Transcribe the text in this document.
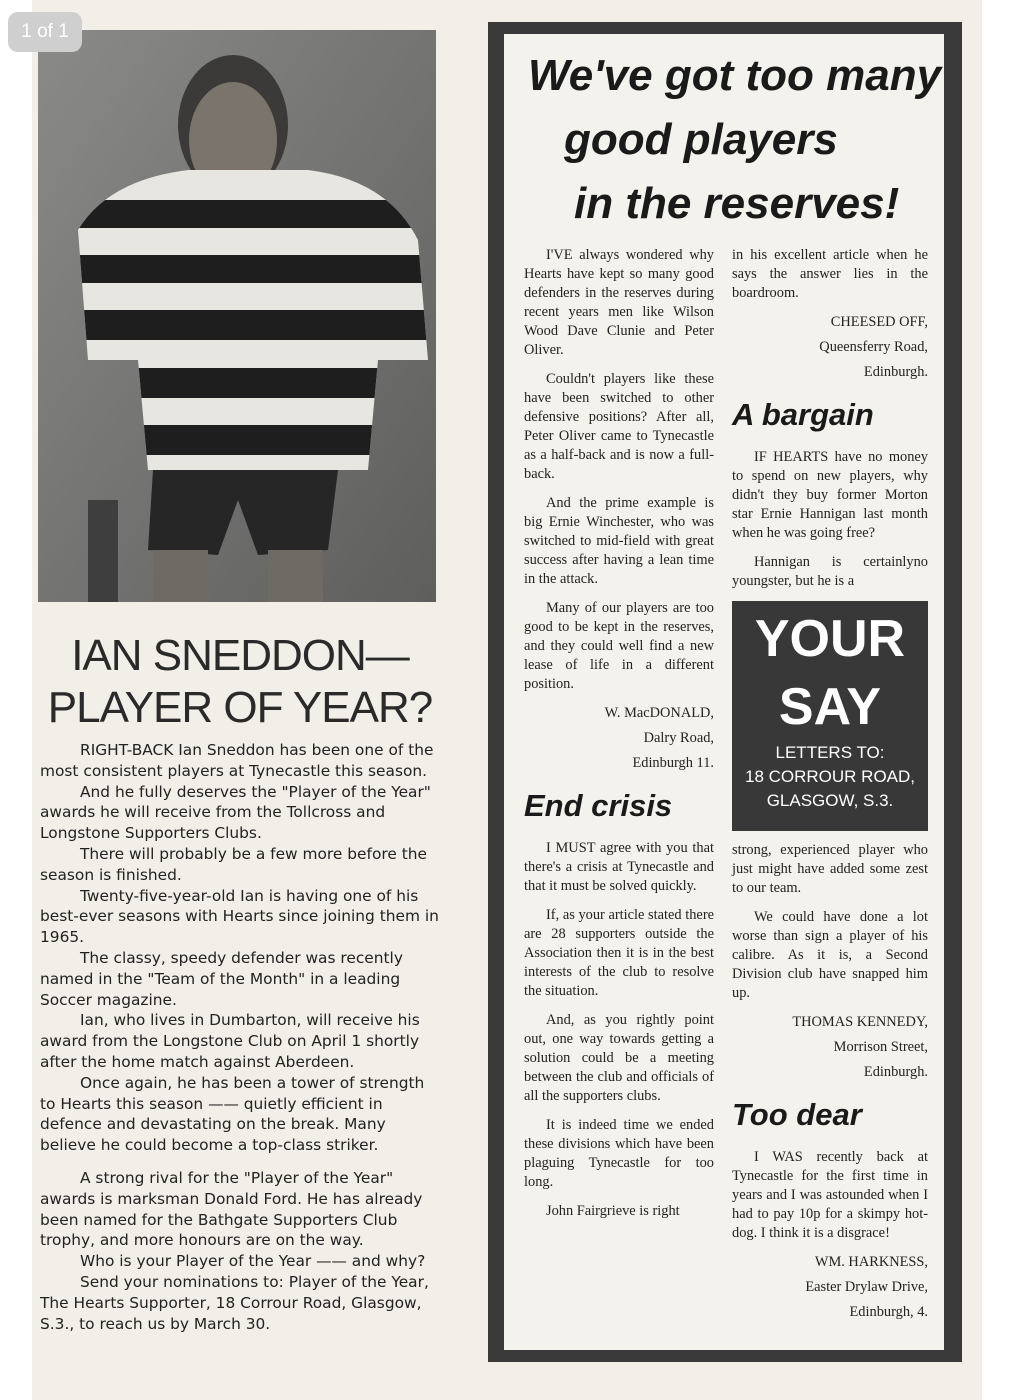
1 of 1
IAN SNEDDON—
PLAYER OF YEAR?

RIGHT-BACK Ian Sneddon has been one of the most consistent players at Tynecastle this season.

And he fully deserves the "Player of the Year" awards he will receive from the Tollcross and Longstone Supporters Clubs.

There will probably be a few more before the season is finished.

Twenty-five-year-old Ian is having one of his best-ever seasons with Hearts since joining them in 1965.

The classy, speedy defender was recently named in the "Team of the Month" in a leading Soccer magazine.

Ian, who lives in Dumbarton, will receive his award from the Longstone Club on April 1 shortly after the home match against Aberdeen.

Once again, he has been a tower of strength to Hearts this season —— quietly efficient in defence and devastating on the break. Many believe he could become a top-class striker.

A strong rival for the "Player of the Year" awards is marksman Donald Ford. He has already been named for the Bathgate Supporters Club trophy, and more honours are on the way.

Who is your Player of the Year —— and why?

Send your nominations to: Player of the Year, The Hearts Supporter, 18 Corrour Road, Glasgow, S.3., to reach us by March 30.

We've got too many
good players
in the reserves!

I'VE always wondered why Hearts have kept so many good defenders in the reserves during recent years men like Wilson Wood Dave Clunie and Peter Oliver.

Couldn't players like these have been switched to other defensive positions? After all, Peter Oliver came to Tynecastle as a half-back and is now a full-back.

And the prime example is big Ernie Winchester, who was switched to mid-field with great success after having a lean time in the attack.

Many of our players are too good to be kept in the reserves, and they could well find a new lease of life in a different position.

W. MacDONALD,
Dalry Road,
Edinburgh 11.
End crisis

I MUST agree with you that there's a crisis at Tynecastle and that it must be solved quickly.

If, as your article stated there are 28 supporters outside the Association then it is in the best interests of the club to resolve the situation.

And, as you rightly point out, one way towards getting a solution could be a meeting between the club and officials of all the supporters clubs.

It is indeed time we ended these divisions which have been plaguing Tynecastle for too long.

John Fairgrieve is right

in his excellent article when he says the answer lies in the boardroom.

CHEESED OFF,
Queensferry Road,
Edinburgh.
A bargain

IF HEARTS have no money to spend on new players, why didn't they buy former Morton star Ernie Hannigan last month when he was going free?

Hannigan is certainlyno youngster, but he is a

YOUR
SAY
LETTERS TO:
18 CORROUR ROAD,
GLASGOW, S.3.

strong, experienced player who just might have added some zest to our team.

We could have done a lot worse than sign a player of his calibre. As it is, a Second Division club have snapped him up.

THOMAS KENNEDY,
Morrison Street,
Edinburgh.
Too dear

I WAS recently back at Tynecastle for the first time in years and I was astounded when I had to pay 10p for a skimpy hot-dog. I think it is a disgrace!

WM. HARKNESS,
Easter Drylaw Drive,
Edinburgh, 4.
